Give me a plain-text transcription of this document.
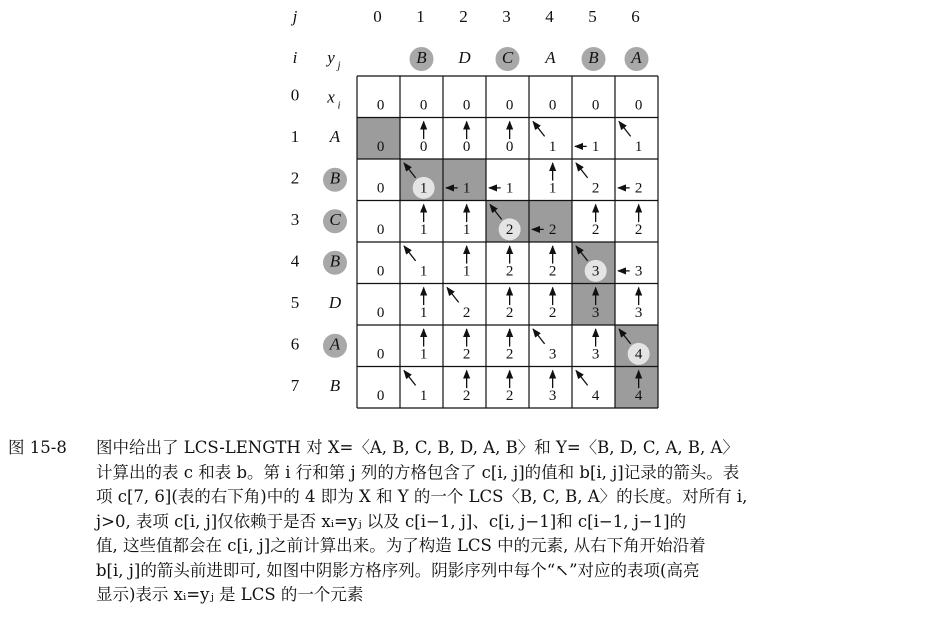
j
i y j
x i
0 1 2 3 4 5 6
B D C A B A
0
1
2
3
4
5
6
7
A
B
C
B
D
A
B
0 0 0 0 0 0 0
0 0 0 0 1 1 1
0 1 1 1 1 2 2
0 1 1 2 2 2 2
0 1 1 2 2 3 3
0 1 2 2 2 3 3
0 1 2 2 3 3 4
0 1 2 2 3 4 4
图 15-8	图中给出了 LCS-LENGTH 对 X=〈A, B, C, B, D, A, B〉和 Y=〈B, D, C, A, B, A〉
计算出的表 c 和表 b。第 i 行和第 j 列的方格包含了 c[i, j]的值和 b[i, j]记录的箭头。表
项 c[7, 6](表的右下角)中的 4 即为 X 和 Y 的一个 LCS〈B, C, B, A〉的长度。对所有 i,
j>0, 表项 c[i, j]仅依赖于是否 xᵢ=yⱼ 以及 c[i−1, j]、c[i, j−1]和 c[i−1, j−1]的
值, 这些值都会在 c[i, j]之前计算出来。为了构造 LCS 中的元素, 从右下角开始沿着
b[i, j]的箭头前进即可, 如图中阴影方格序列。阴影序列中每个“↖”对应的表项(高亮
显示)表示 xᵢ=yⱼ 是 LCS 的一个元素
